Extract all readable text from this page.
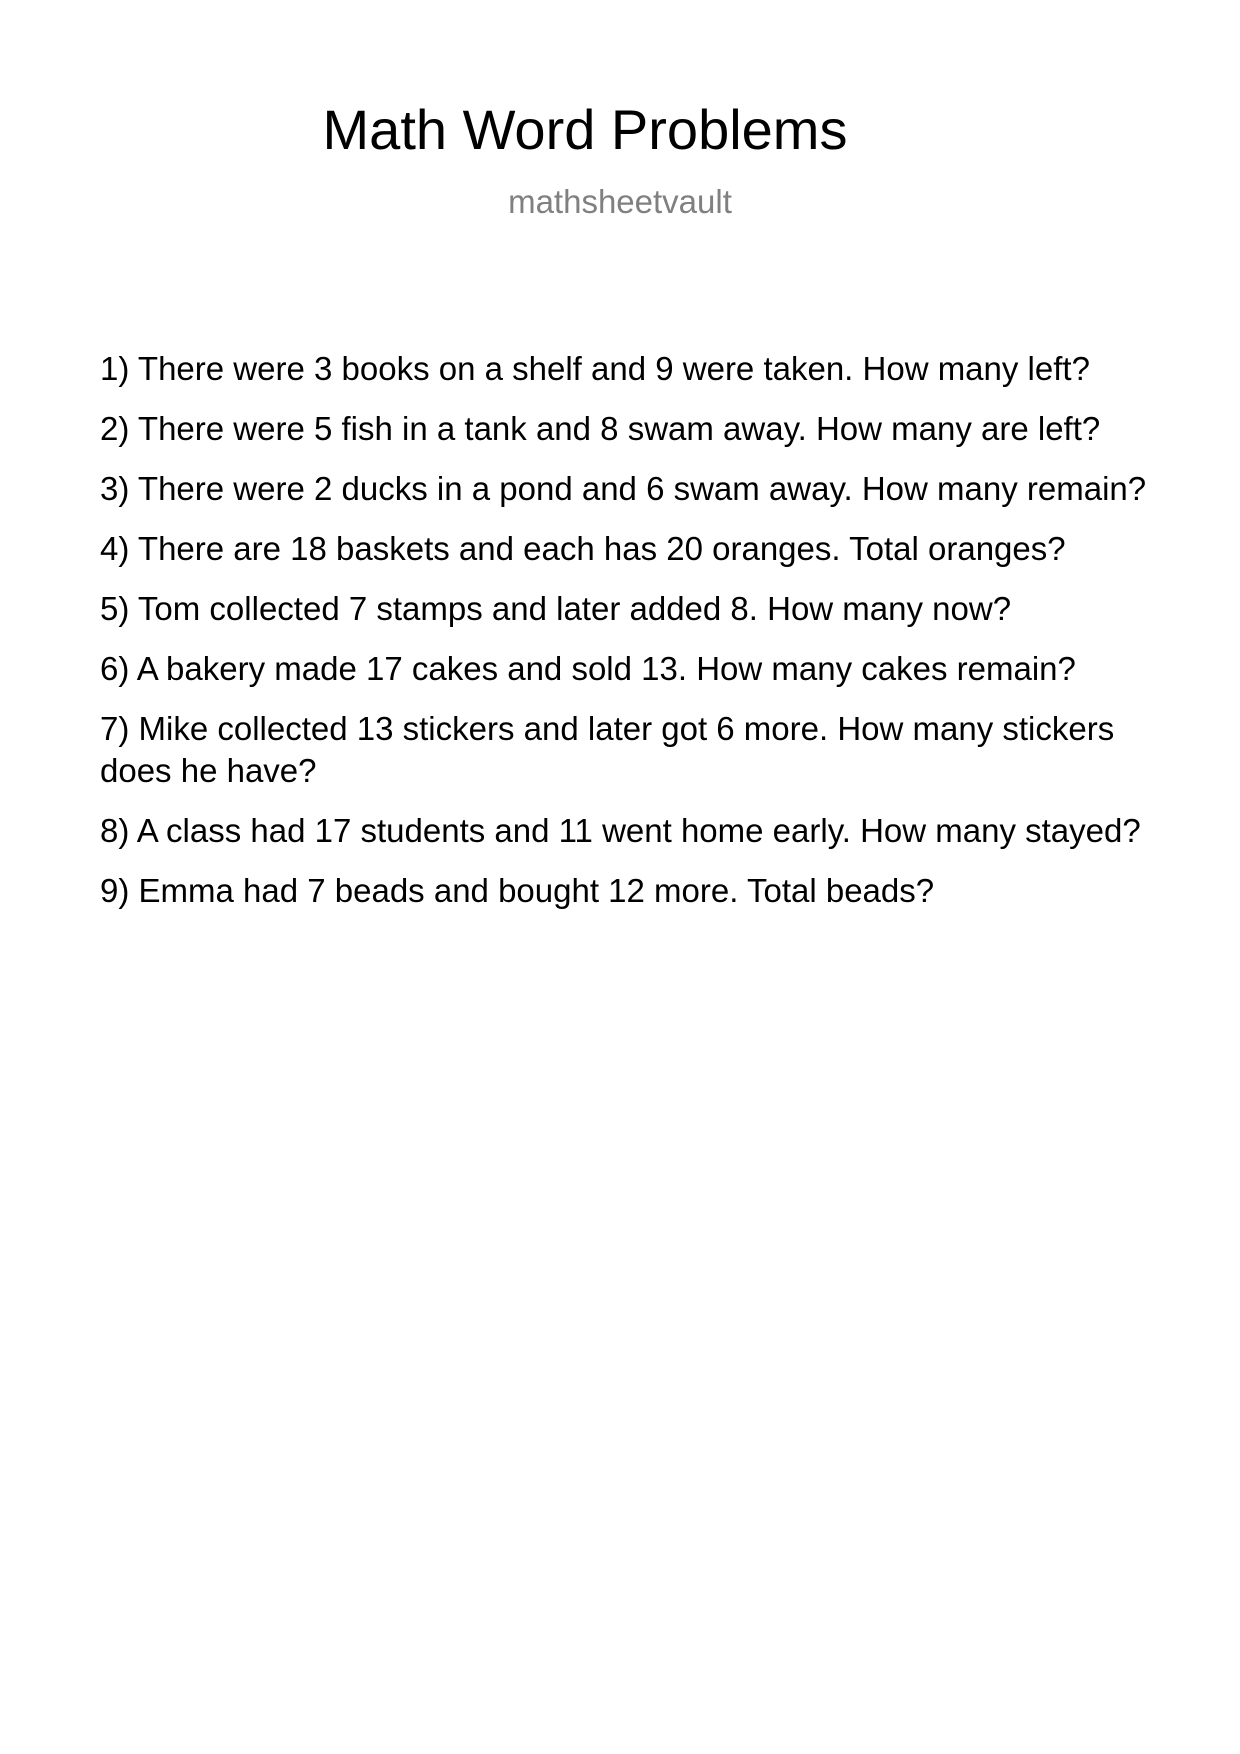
Math Word Problems
mathsheetvault
1) There were 3 books on a shelf and 9 were taken. How many left?
2) There were 5 fish in a tank and 8 swam away. How many are left?
3) There were 2 ducks in a pond and 6 swam away. How many remain?
4) There are 18 baskets and each has 20 oranges. Total oranges?
5) Tom collected 7 stamps and later added 8. How many now?
6) A bakery made 17 cakes and sold 13. How many cakes remain?
7) Mike collected 13 stickers and later got 6 more. How many stickers does he have?
8) A class had 17 students and 11 went home early. How many stayed?
9) Emma had 7 beads and bought 12 more. Total beads?
